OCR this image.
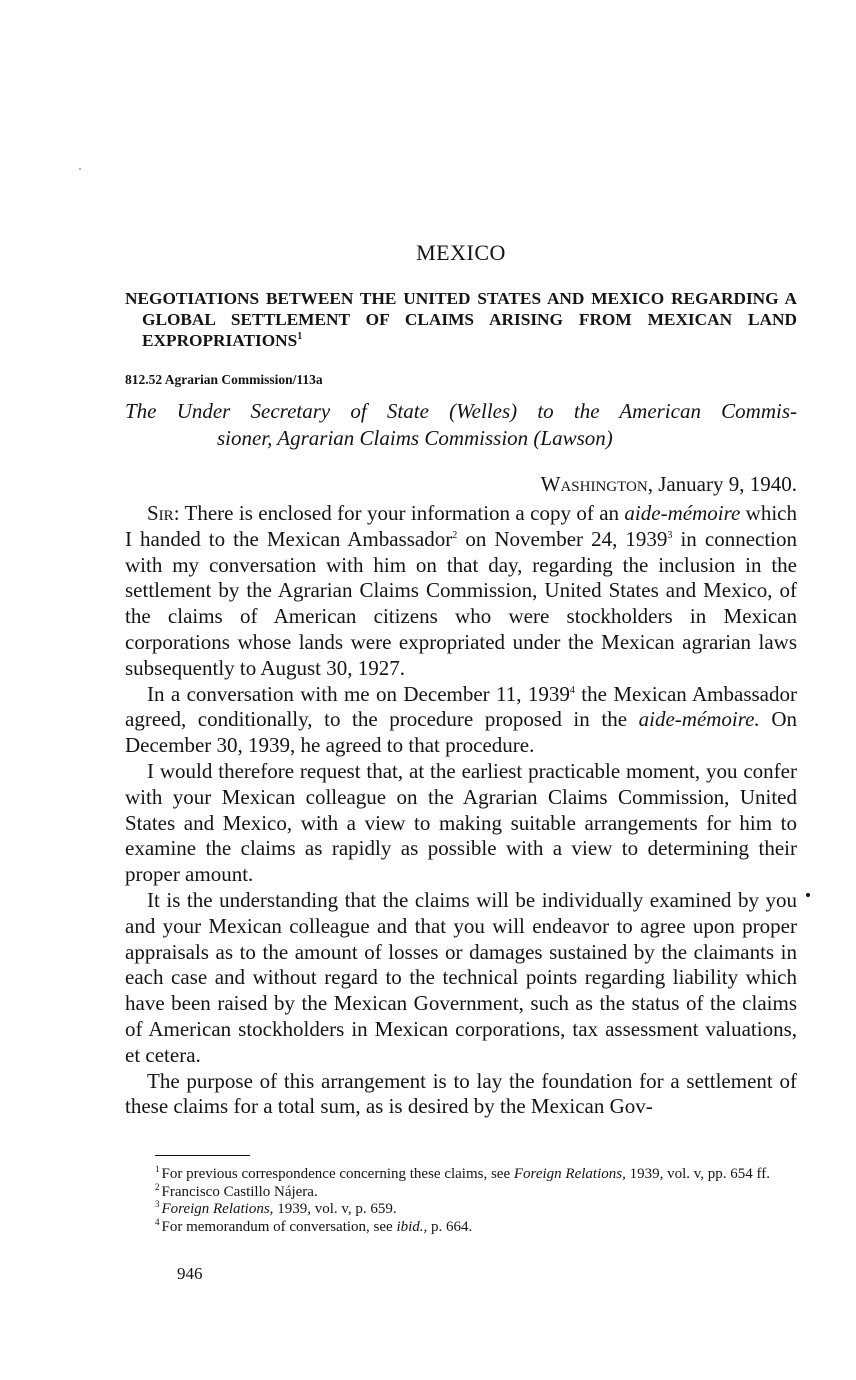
MEXICO
NEGOTIATIONS BETWEEN THE UNITED STATES AND MEXICO REGARDING A GLOBAL SETTLEMENT OF CLAIMS ARISING FROM MEXICAN LAND EXPROPRIATIONS$^1$
812.52 Agrarian Commission/113a
The Under Secretary of State (Welles) to the American Commis-
sioner, Agrarian Claims Commission (Lawson)
Washington, January 9, 1940.

Sir: There is enclosed for your information a copy of an aide-mémoire which I handed to the Mexican Ambassador$^2$ on November 24, 1939$^3$ in connection with my conversation with him on that day, regarding the inclusion in the settlement by the Agrarian Claims Commission, United States and Mexico, of the claims of American citizens who were stockholders in Mexican corporations whose lands were expropriated under the Mexican agrarian laws subsequently to August 30, 1927.

In a conversation with me on December 11, 1939$^4$ the Mexican Ambassador agreed, conditionally, to the procedure proposed in the aide-mémoire. On December 30, 1939, he agreed to that procedure.

I would therefore request that, at the earliest practicable moment, you confer with your Mexican colleague on the Agrarian Claims Commission, United States and Mexico, with a view to making suitable arrangements for him to examine the claims as rapidly as possible with a view to determining their proper amount.

It is the understanding that the claims will be individually examined by you and your Mexican colleague and that you will endeavor to agree upon proper appraisals as to the amount of losses or damages sustained by the claimants in each case and without regard to the technical points regarding liability which have been raised by the Mexican Government, such as the status of the claims of American stockholders in Mexican corporations, tax assessment valuations, et cetera.

The purpose of this arrangement is to lay the foundation for a settlement of these claims for a total sum, as is desired by the Mexican Gov-

$^1$ For previous correspondence concerning these claims, see Foreign Relations, 1939, vol. v, pp. 654 ff.
$^2$ Francisco Castillo Nájera.
$^3$ Foreign Relations, 1939, vol. v, p. 659.
$^4$ For memorandum of conversation, see ibid., p. 664.
946
